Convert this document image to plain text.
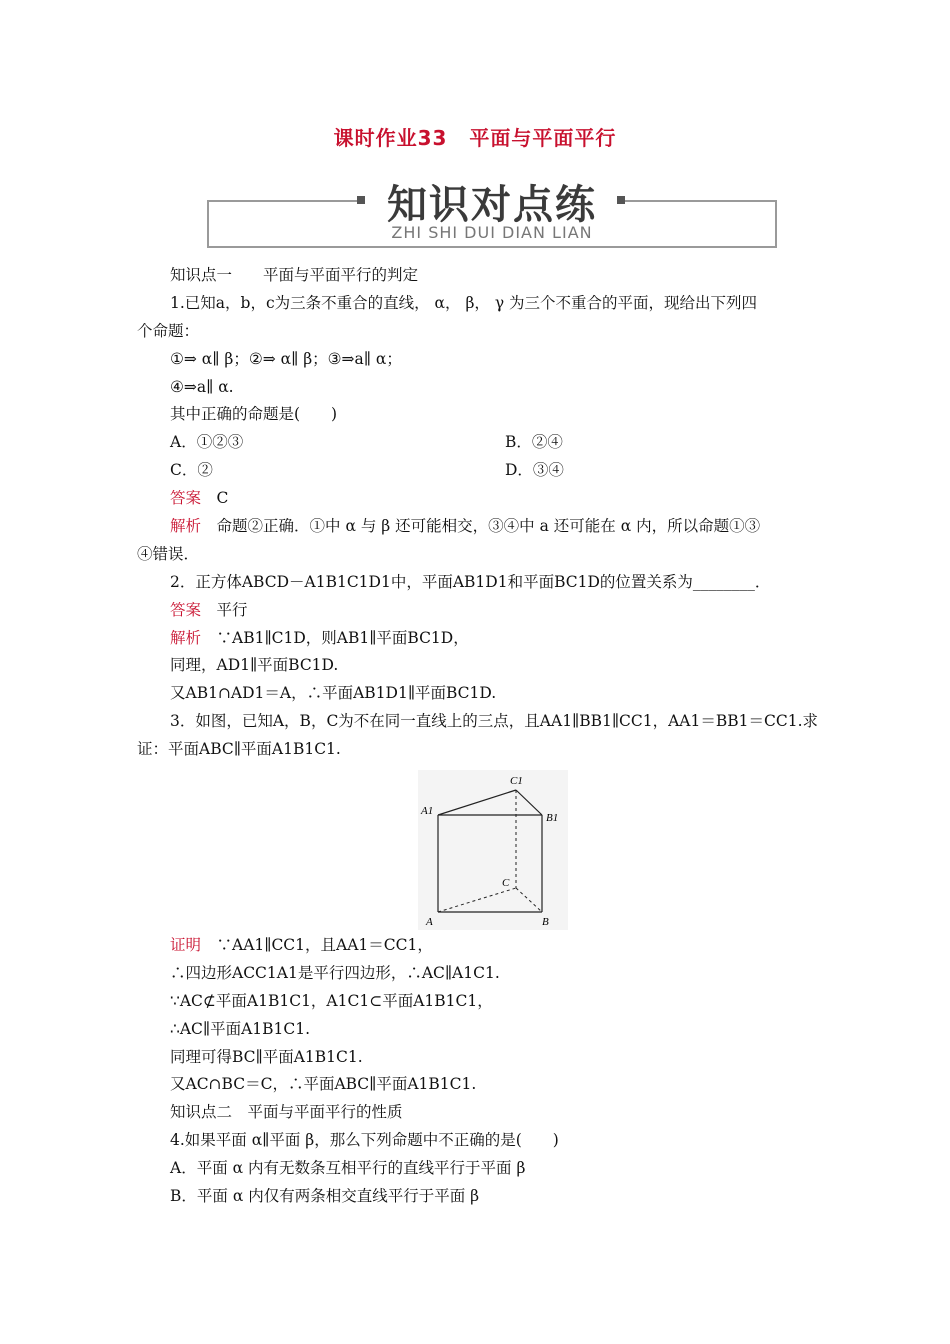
课时作业33 平面与平面平行
知识对点练
ZHI SHI DUI DIAN LIAN
知识点一　　平面与平面平行的判定
1.已知a，b，c为三条不重合的直线， α， β， γ 为三个不重合的平面，现给出下列四
个命题：
①⇒ α∥ β；②⇒ α∥ β；③⇒a∥ α；
④⇒a∥ α.
其中正确的命题是(　　)
A．①②③	B．②④
C．②	D．③④
答案　 C
解析　 命题②正确．①中 α 与 β 还可能相交，③④中 a 还可能在 α 内，所以命题①③
④错误．
2．正方体ABCD－A1B1C1D1中，平面AB1D1和平面BC1D的位置关系为________．
答案　 平行
解析　 ∵AB1∥C1D，则AB1∥平面BC1D，
同理，AD1∥平面BC1D.
又AB1∩AD1＝A，∴平面AB1D1∥平面BC1D.
3．如图，已知A，B，C为不在同一直线上的三点，且AA1∥BB1∥CC1，AA1＝BB1＝CC1.求
证：平面ABC∥平面A1B1C1.
C1
A1
B1
C
A	B
证明　 ∵AA1∥CC1，且AA1＝CC1，
∴四边形ACC1A1是平行四边形，∴AC∥A1C1.
∵AC⊄平面A1B1C1，A1C1⊂平面A1B1C1，
∴AC∥平面A1B1C1.
同理可得BC∥平面A1B1C1.
又AC∩BC＝C，∴平面ABC∥平面A1B1C1.
知识点二　平面与平面平行的性质
4.如果平面 α∥平面 β，那么下列命题中不正确的是(　　)
A．平面 α 内有无数条互相平行的直线平行于平面 β
B．平面 α 内仅有两条相交直线平行于平面 β
